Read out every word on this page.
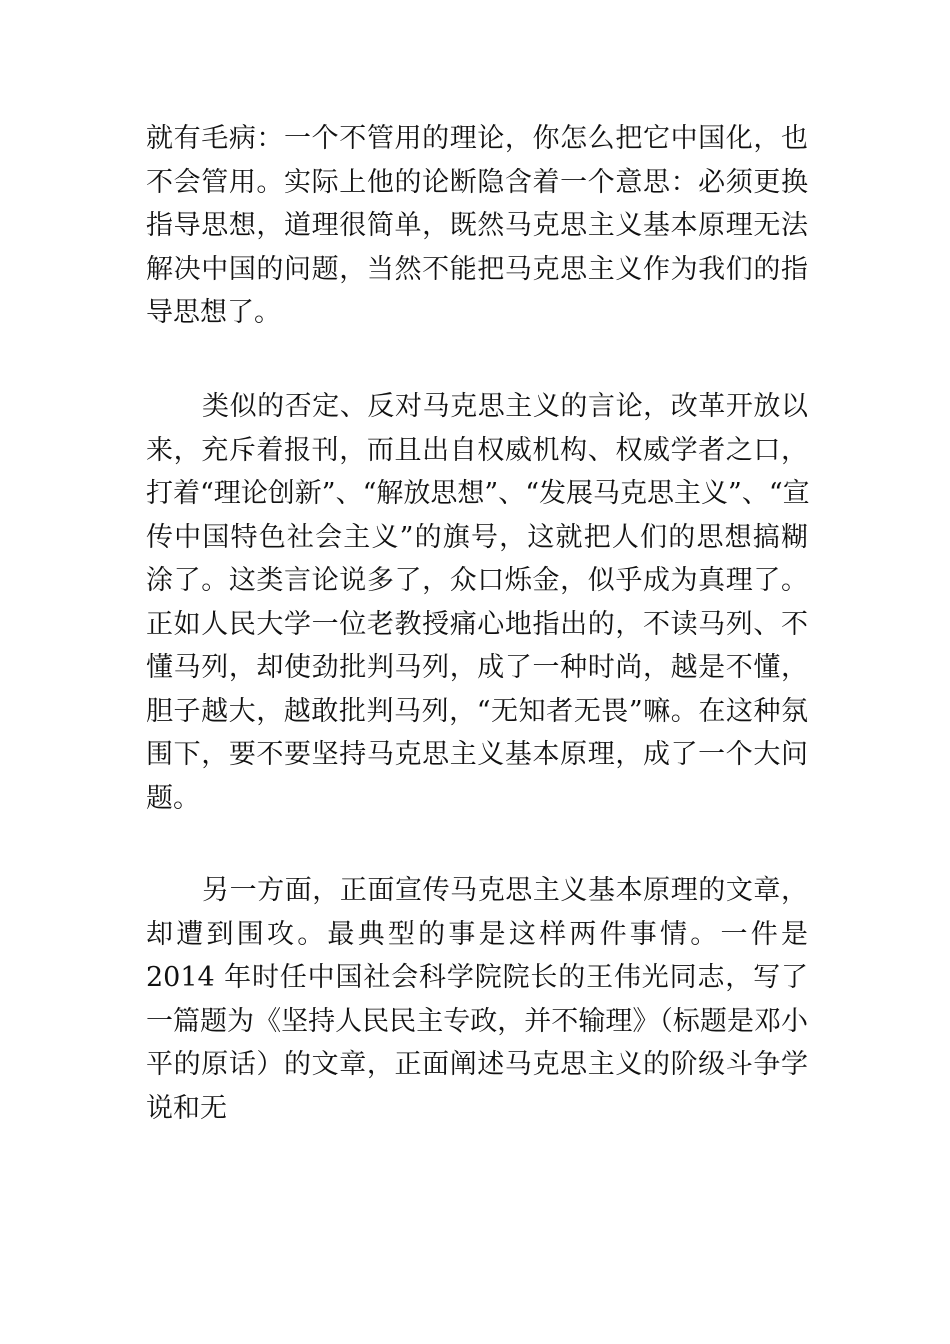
就有毛病：一个不管用的理论，你怎么把它中国化，也
不会管用。实际上他的论断隐含着一个意思：必须更换
指导思想，道理很简单，既然马克思主义基本原理无法
解决中国的问题，当然不能把马克思主义作为我们的指
导思想了。
类似的否定、反对马克思主义的言论，改革开放以
来，充斥着报刊，而且出自权威机构、权威学者之口，
打着“理论创新”、“解放思想”、“发展马克思主义”、“宣
传中国特色社会主义”的旗号，这就把人们的思想搞糊
涂了。这类言论说多了，众口烁金，似乎成为真理了。
正如人民大学一位老教授痛心地指出的，不读马列、不
懂马列，却使劲批判马列，成了一种时尚，越是不懂，
胆子越大，越敢批判马列，“无知者无畏”嘛。在这种氛
围下，要不要坚持马克思主义基本原理，成了一个大问
题。
另一方面，正面宣传马克思主义基本原理的文章，
却遭到围攻。最典型的事是这样两件事情。一件是
2014 年时任中国社会科学院院长的王伟光同志，写了
一篇题为《坚持人民民主专政，并不输理》（标题是邓小
平的原话）的文章，正面阐述马克思主义的阶级斗争学
说和无
